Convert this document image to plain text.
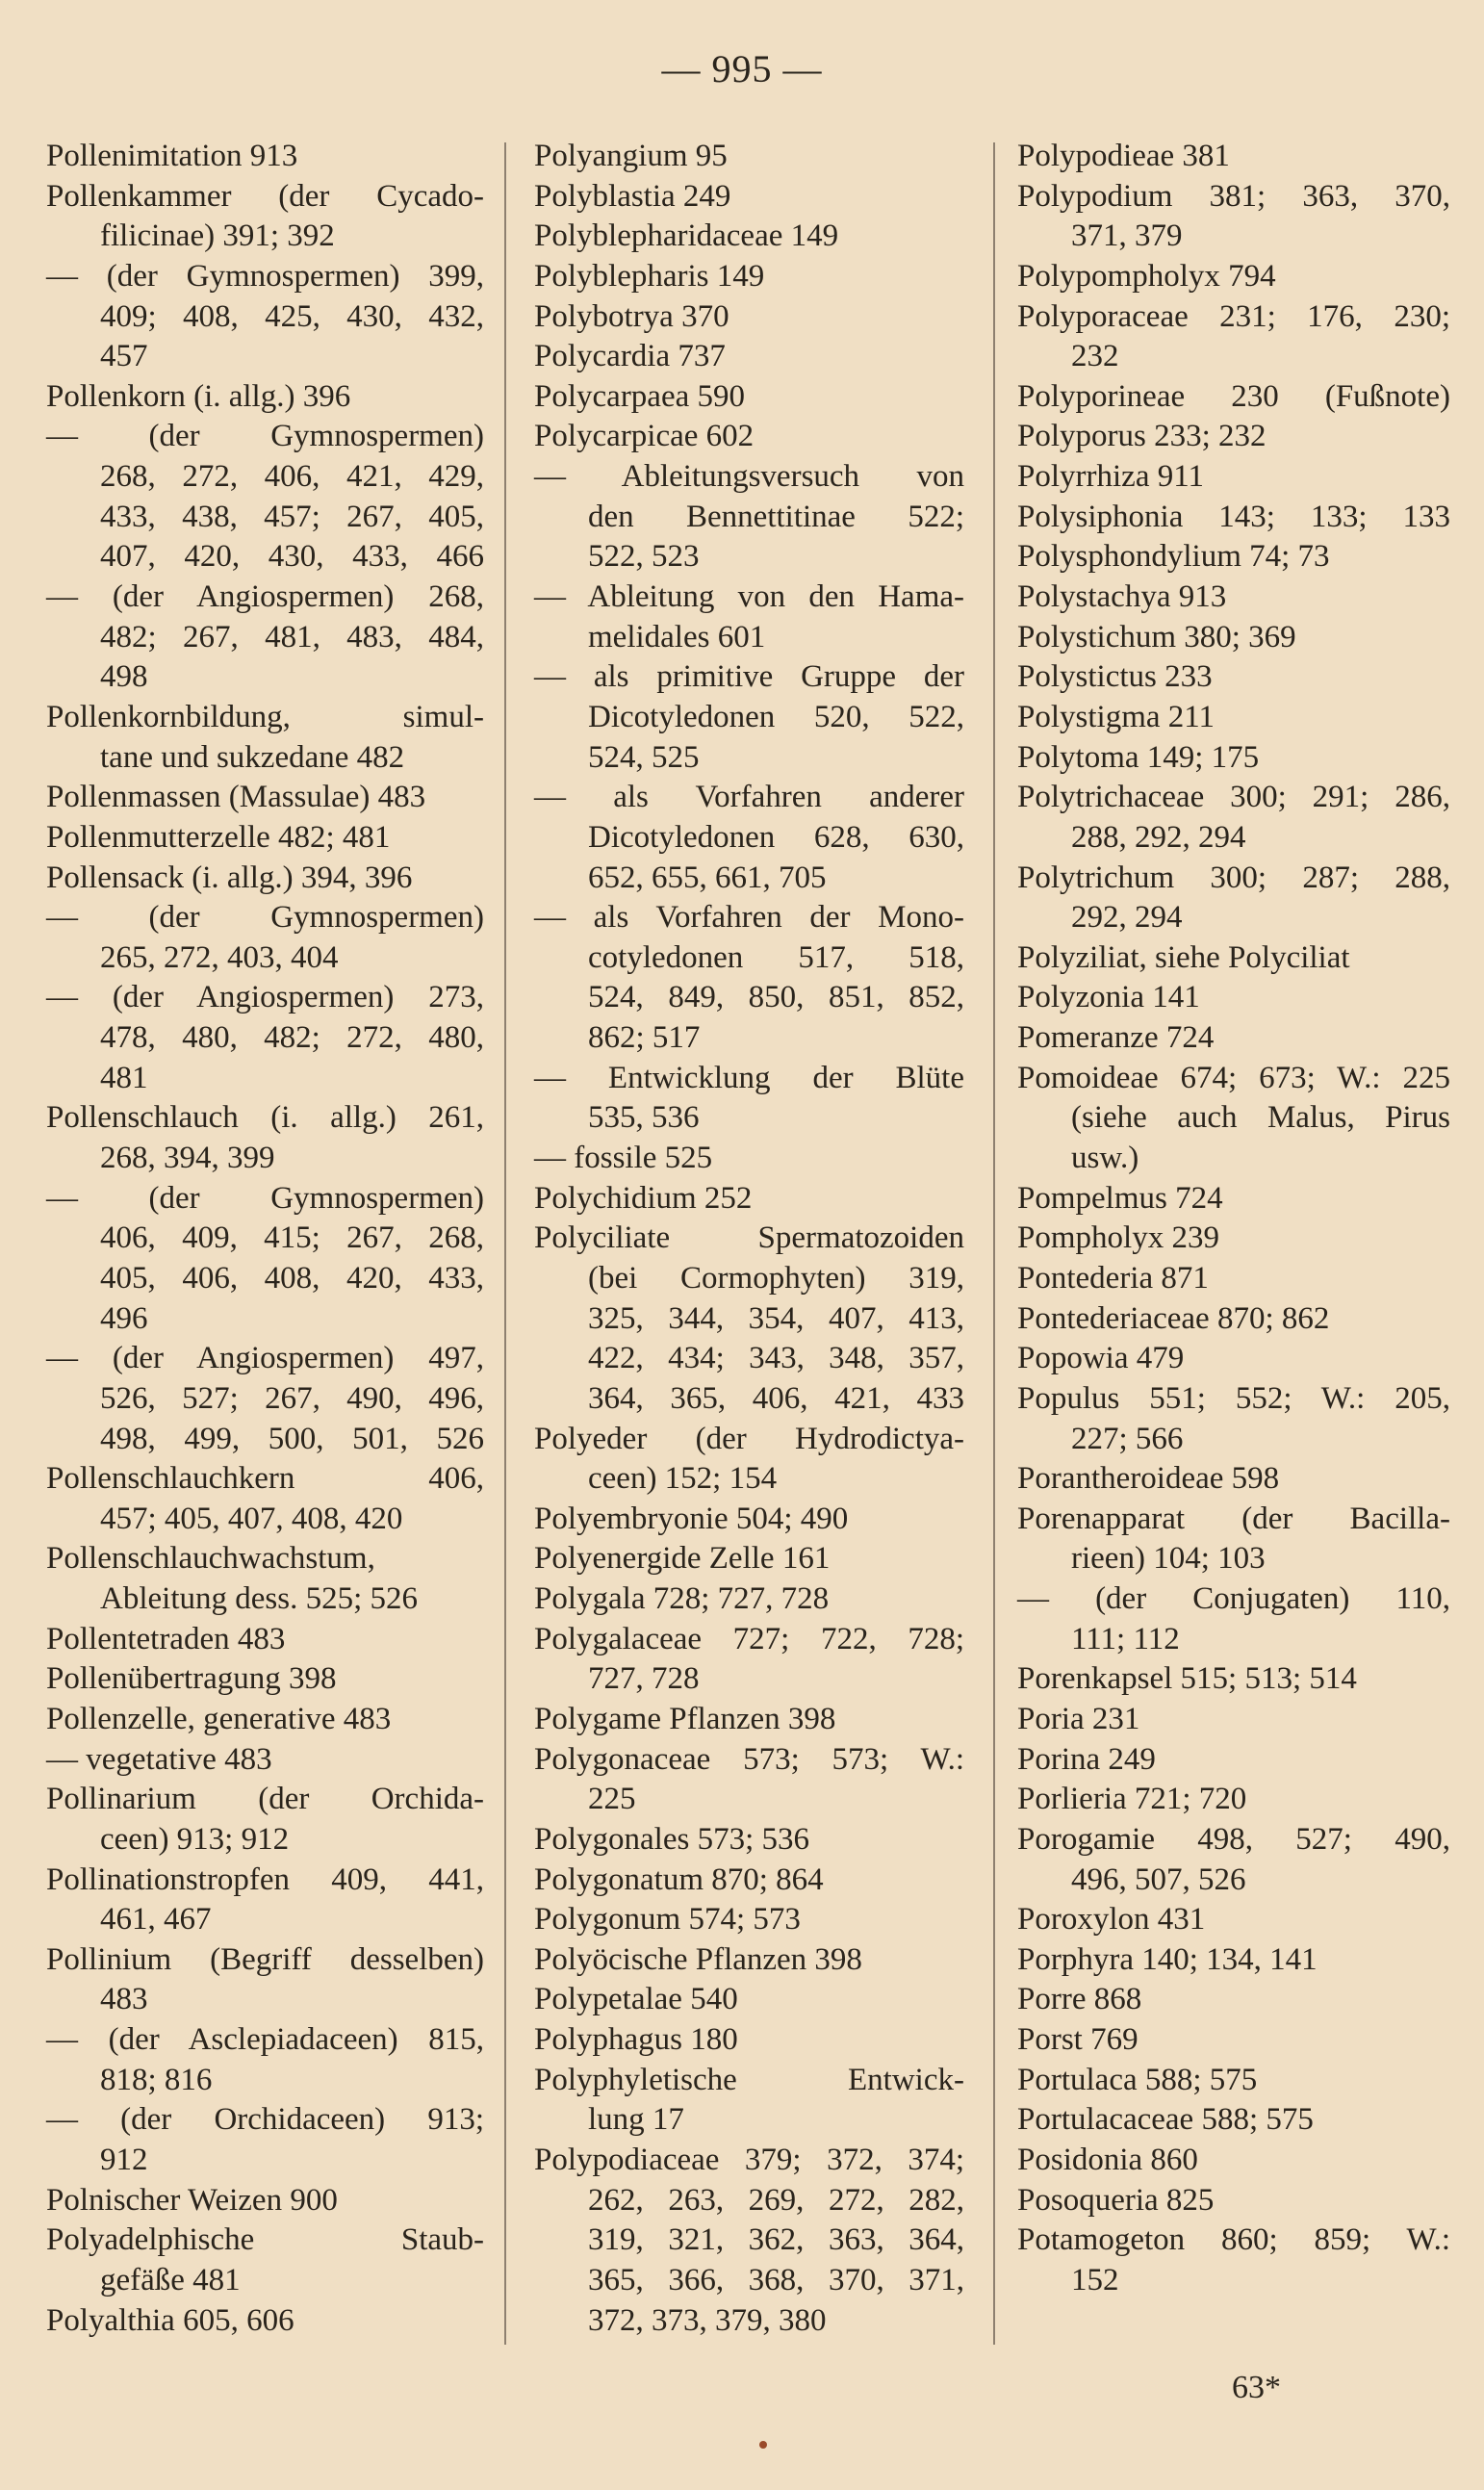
— 995 —
Pollenimitation 913
Pollenkammer (der Cycado-
filicinae) 391; 392
— (der Gymnospermen) 399,
409; 408, 425, 430, 432,
457
Pollenkorn (i. allg.) 396
— (der Gymnospermen)
268, 272, 406, 421, 429,
433, 438, 457; 267, 405,
407, 420, 430, 433, 466
— (der Angiospermen) 268,
482; 267, 481, 483, 484,
498
Pollenkornbildung, simul-
tane und sukzedane 482
Pollenmassen (Massulae) 483
Pollenmutterzelle 482; 481
Pollensack (i. allg.) 394, 396
— (der Gymnospermen)
265, 272, 403, 404
— (der Angiospermen) 273,
478, 480, 482; 272, 480,
481
Pollenschlauch (i. allg.) 261,
268, 394, 399
— (der Gymnospermen)
406, 409, 415; 267, 268,
405, 406, 408, 420, 433,
496
— (der Angiospermen) 497,
526, 527; 267, 490, 496,
498, 499, 500, 501, 526
Pollenschlauchkern 406,
457; 405, 407, 408, 420
Pollenschlauchwachstum,
Ableitung dess. 525; 526
Pollentetraden 483
Pollenübertragung 398
Pollenzelle, generative 483
— vegetative 483
Pollinarium (der Orchida-
ceen) 913; 912
Pollinationstropfen 409, 441,
461, 467
Pollinium (Begriff desselben)
483
— (der Asclepiadaceen) 815,
818; 816
— (der Orchidaceen) 913;
912
Polnischer Weizen 900
Polyadelphische Staub-
gefäße 481
Polyalthia 605, 606
Polyangium 95
Polyblastia 249
Polyblepharidaceae 149
Polyblepharis 149
Polybotrya 370
Polycardia 737
Polycarpaea 590
Polycarpicae 602
— Ableitungsversuch von
den Bennettitinae 522;
522, 523
— Ableitung von den Hama-
melidales 601
— als primitive Gruppe der
Dicotyledonen 520, 522,
524, 525
— als Vorfahren anderer
Dicotyledonen 628, 630,
652, 655, 661, 705
— als Vorfahren der Mono-
cotyledonen 517, 518,
524, 849, 850, 851, 852,
862; 517
— Entwicklung der Blüte
535, 536
— fossile 525
Polychidium 252
Polyciliate Spermatozoiden
(bei Cormophyten) 319,
325, 344, 354, 407, 413,
422, 434; 343, 348, 357,
364, 365, 406, 421, 433
Polyeder (der Hydrodictya-
ceen) 152; 154
Polyembryonie 504; 490
Polyenergide Zelle 161
Polygala 728; 727, 728
Polygalaceae 727; 722, 728;
727, 728
Polygame Pflanzen 398
Polygonaceae 573; 573; W.:
225
Polygonales 573; 536
Polygonatum 870; 864
Polygonum 574; 573
Polyöcische Pflanzen 398
Polypetalae 540
Polyphagus 180
Polyphyletische Entwick-
lung 17
Polypodiaceae 379; 372, 374;
262, 263, 269, 272, 282,
319, 321, 362, 363, 364,
365, 366, 368, 370, 371,
372, 373, 379, 380
Polypodieae 381
Polypodium 381; 363, 370,
371, 379
Polypompholyx 794
Polyporaceae 231; 176, 230;
232
Polyporineae 230 (Fußnote)
Polyporus 233; 232
Polyrrhiza 911
Polysiphonia 143; 133; 133
Polysphondylium 74; 73
Polystachya 913
Polystichum 380; 369
Polystictus 233
Polystigma 211
Polytoma 149; 175
Polytrichaceae 300; 291; 286,
288, 292, 294
Polytrichum 300; 287; 288,
292, 294
Polyziliat, siehe Polyciliat
Polyzonia 141
Pomeranze 724
Pomoideae 674; 673; W.: 225
(siehe auch Malus, Pirus
usw.)
Pompelmus 724
Pompholyx 239
Pontederia 871
Pontederiaceae 870; 862
Popowia 479
Populus 551; 552; W.: 205,
227; 566
Porantheroideae 598
Porenapparat (der Bacilla-
rieen) 104; 103
— (der Conjugaten) 110,
111; 112
Porenkapsel 515; 513; 514
Poria 231
Porina 249
Porlieria 721; 720
Porogamie 498, 527; 490,
496, 507, 526
Poroxylon 431
Porphyra 140; 134, 141
Porre 868
Porst 769
Portulaca 588; 575
Portulacaceae 588; 575
Posidonia 860
Posoqueria 825
Potamogeton 860; 859; W.:
152
63*
